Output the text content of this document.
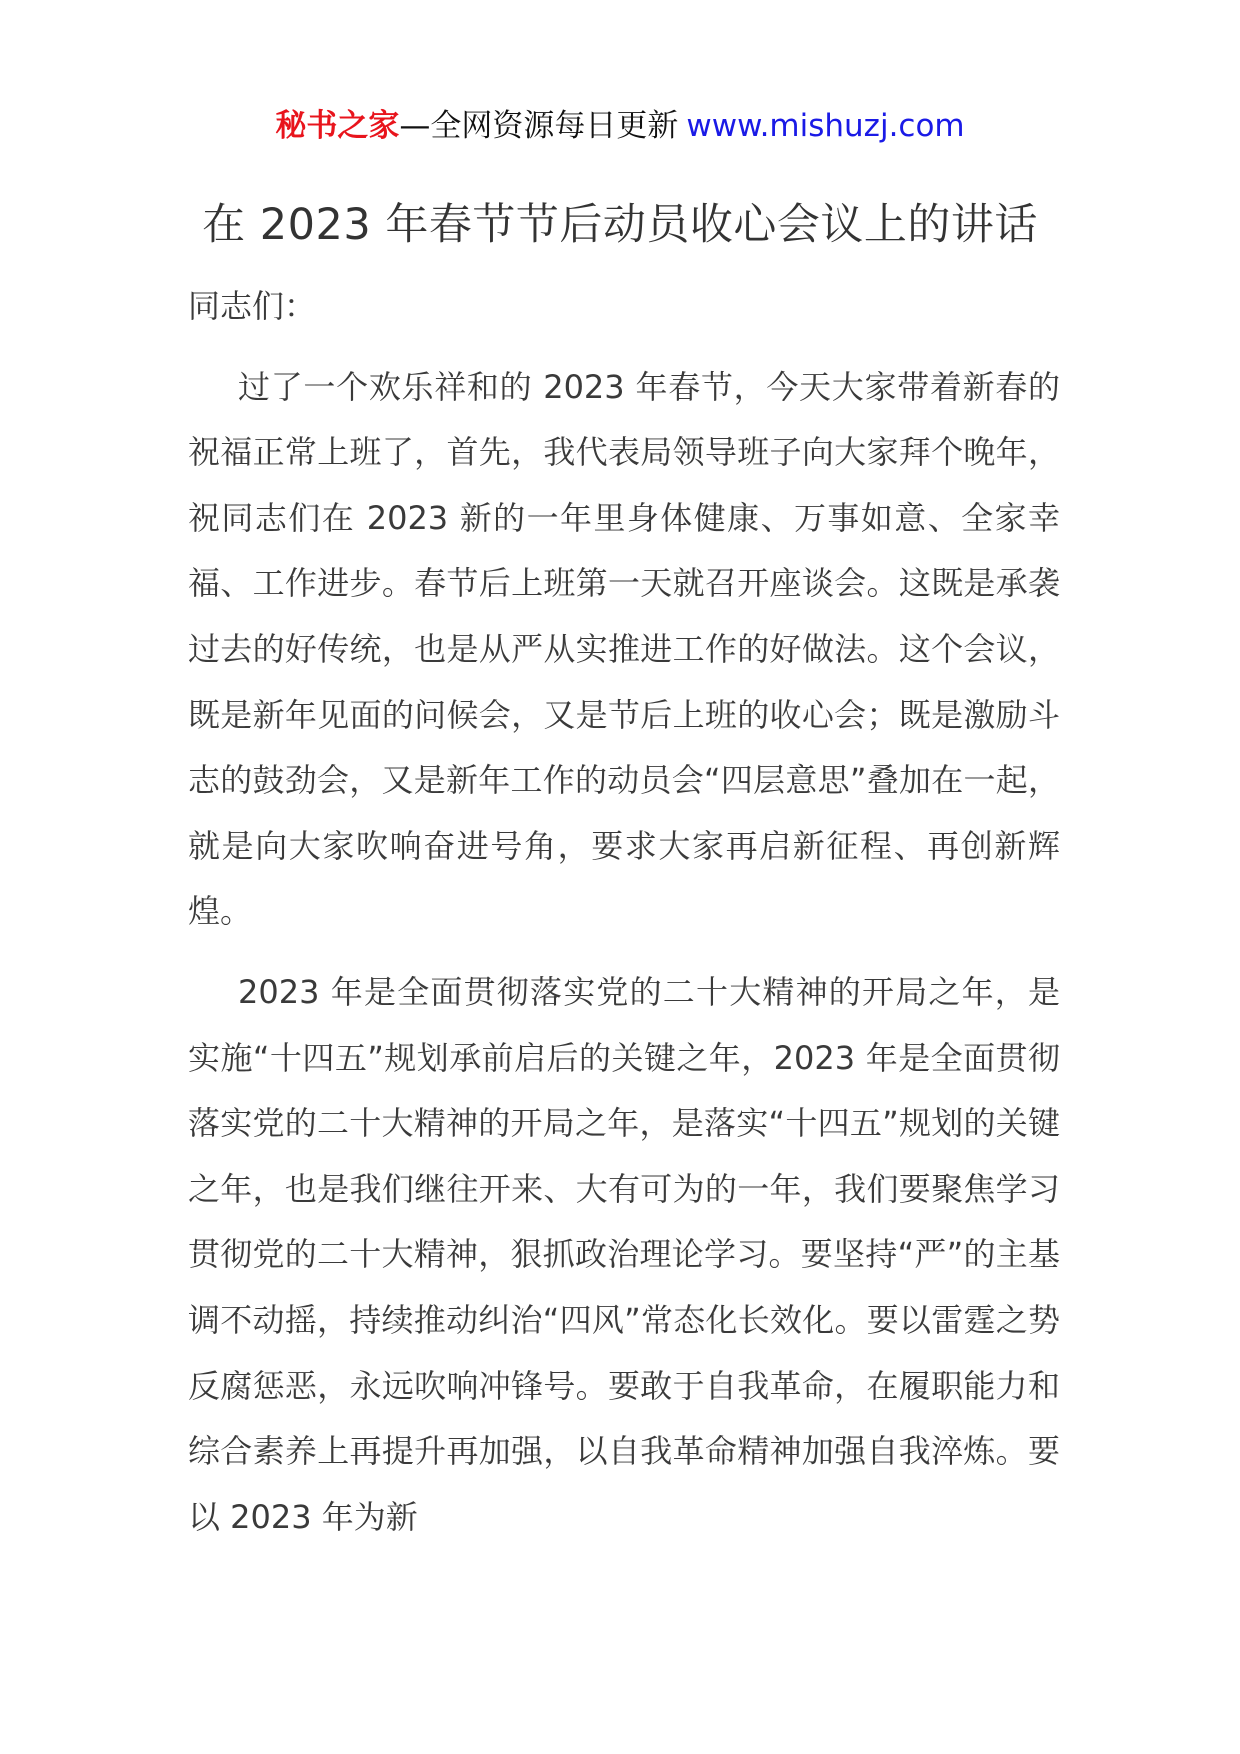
秘书之家—全网资源每日更新 www.mishuzj.com
在 2023 年春节节后动员收心会议上的讲话

同志们：

过了一个欢乐祥和的 2023 年春节，今天大家带着新春的祝福正常上班了，首先，我代表局领导班子向大家拜个晚年，祝同志们在 2023 新的一年里身体健康、万事如意、全家幸福、工作进步。春节后上班第一天就召开座谈会。这既是承袭过去的好传统，也是从严从实推进工作的好做法。这个会议，既是新年见面的问候会，又是节后上班的收心会；既是激励斗志的鼓劲会，又是新年工作的动员会“四层意思”叠加在一起，就是向大家吹响奋进号角，要求大家再启新征程、再创新辉煌。

2023 年是全面贯彻落实党的二十大精神的开局之年，是实施“十四五”规划承前启后的关键之年，2023 年是全面贯彻落实党的二十大精神的开局之年，是落实“十四五”规划的关键之年，也是我们继往开来、大有可为的一年，我们要聚焦学习贯彻党的二十大精神，狠抓政治理论学习。要坚持“严”的主基调不动摇，持续推动纠治“四风”常态化长效化。要以雷霆之势反腐惩恶，永远吹响冲锋号。要敢于自我革命，在履职能力和综合素养上再提升再加强，以自我革命精神加强自我淬炼。要以 2023 年为新
